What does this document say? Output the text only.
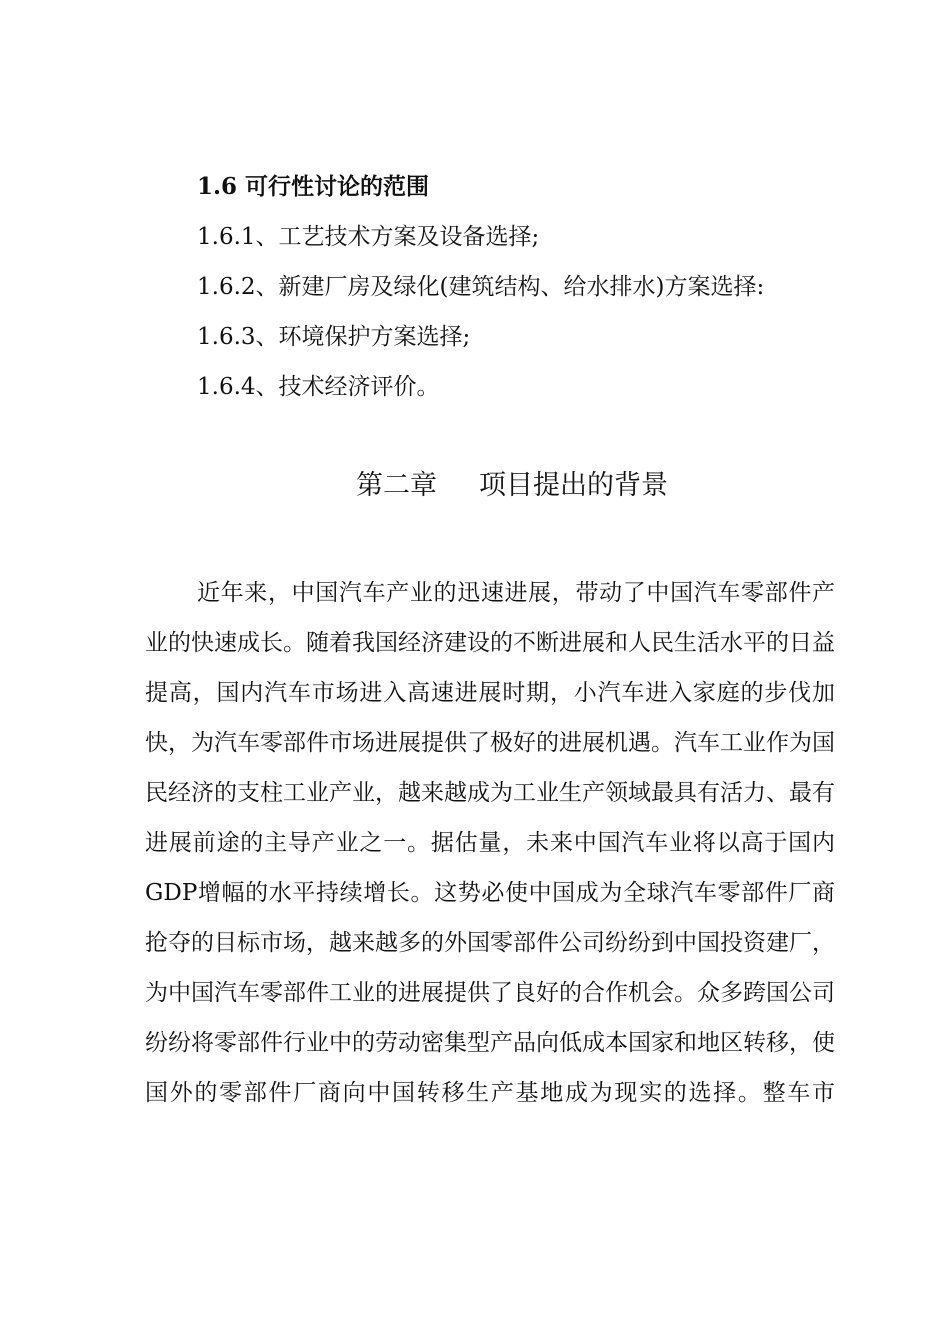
1.6 可行性讨论的范围
1.6.1、工艺技术方案及设备选择;
1.6.2、新建厂房及绿化(建筑结构、给水排水)方案选择:
1.6.3、环境保护方案选择;
1.6.4、技术经济评价。
第二章 项目提出的背景

近年来，中国汽车产业的迅速进展，带动了中国汽车零部件产业的快速成长。随着我国经济建设的不断进展和人民生活水平的日益提高，国内汽车市场进入高速进展时期，小汽车进入家庭的步伐加快，为汽车零部件市场进展提供了极好的进展机遇。汽车工业作为国民经济的支柱工业产业，越来越成为工业生产领域最具有活力、最有进展前途的主导产业之一。据估量，未来中国汽车业将以高于国内GDP增幅的水平持续增长。这势必使中国成为全球汽车零部件厂商抢夺的目标市场，越来越多的外国零部件公司纷纷到中国投资建厂，为中国汽车零部件工业的进展提供了良好的合作机会。众多跨国公司纷纷将零部件行业中的劳动密集型产品向低成本国家和地区转移，使国外的零部件厂商向中国转移生产基地成为现实的选择。整车市
